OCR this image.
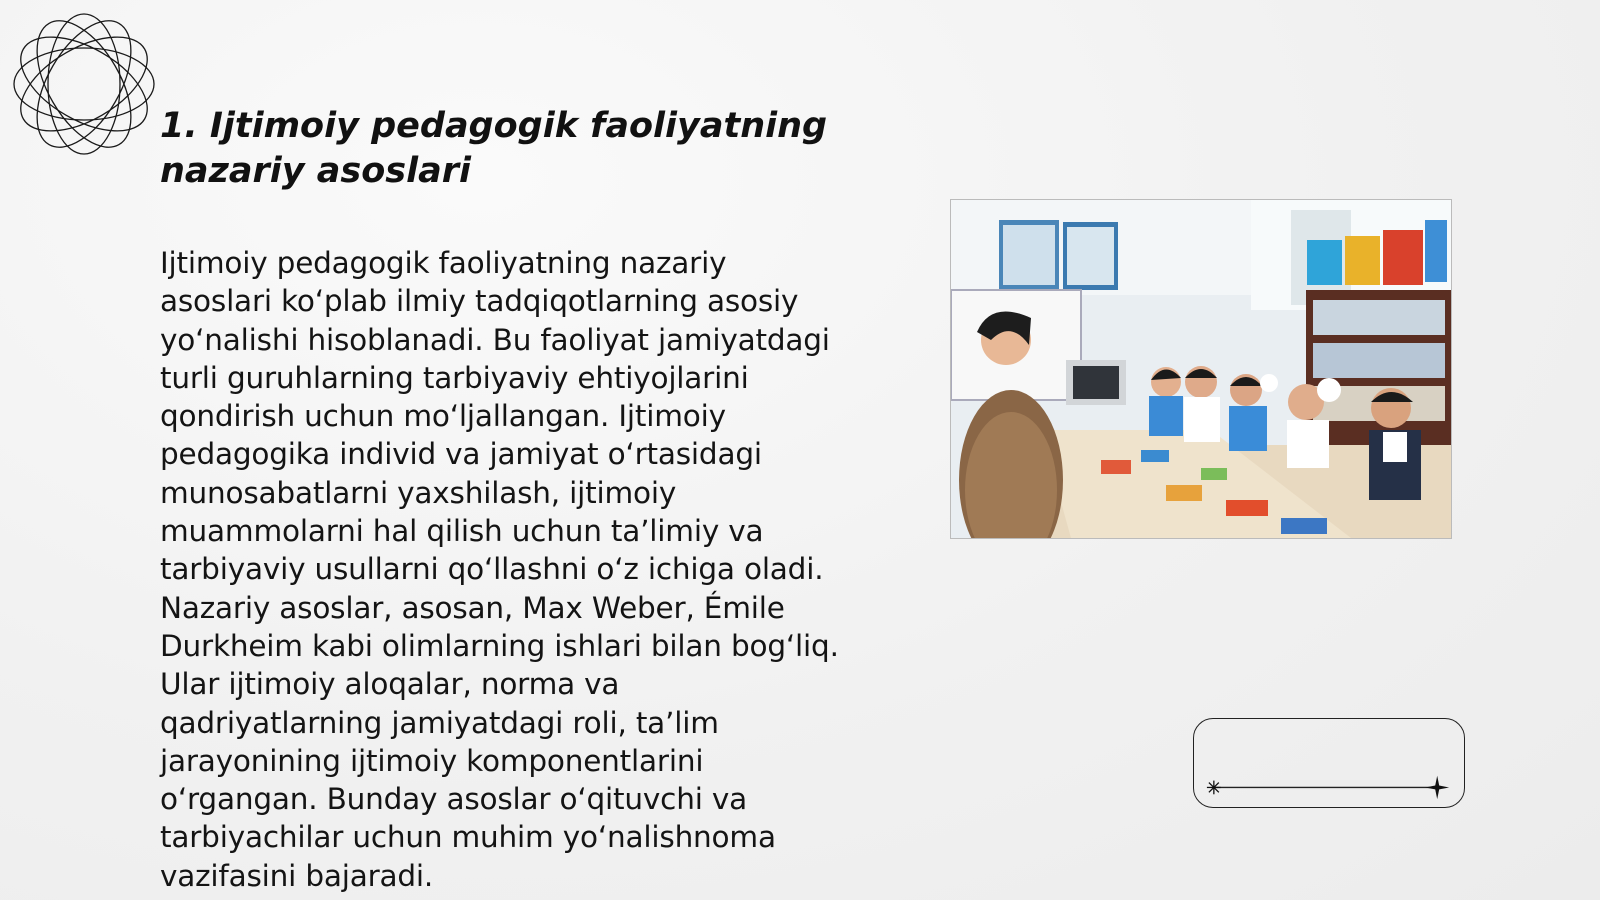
1. Ijtimoiy pedagogik faoliyatning nazariy asoslari

Ijtimoiy pedagogik faoliyatning nazariy asoslari ko‘plab ilmiy tadqiqotlarning asosiy yo‘nalishi hisoblanadi. Bu faoliyat jamiyatdagi turli guruhlarning tarbiyaviy ehtiyojlarini qondirish uchun mo‘ljallangan. Ijtimoiy pedagogika individ va jamiyat o‘rtasidagi munosabatlarni yaxshilash, ijtimoiy muammolarni hal qilish uchun ta’limiy va tarbiyaviy usullarni qo‘llashni o‘z ichiga oladi. Nazariy asoslar, asosan, Max Weber, Émile Durkheim kabi olimlarning ishlari bilan bog‘liq. Ular ijtimoiy aloqalar, norma va qadriyatlarning jamiyatdagi roli, ta’lim jarayonining ijtimoiy komponentlarini o‘rgangan. Bunday asoslar o‘qituvchi va tarbiyachilar uchun muhim yo‘nalishnoma vazifasini bajaradi.
